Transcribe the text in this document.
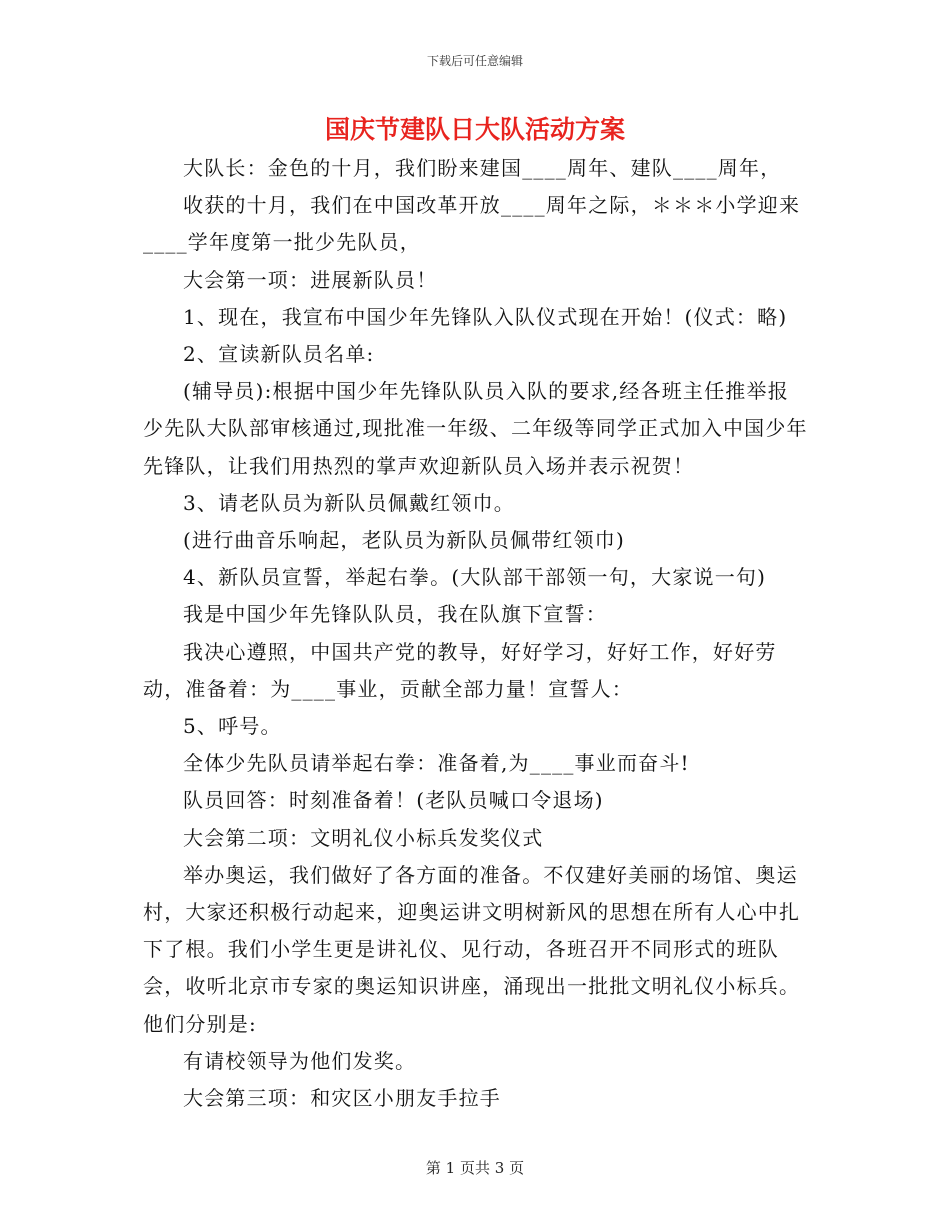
下载后可任意编辑
国庆节建队日大队活动方案

大队长：金色的十月，我们盼来建国____周年、建队____周年，

收获的十月，我们在中国改革开放____周年之际，＊＊＊小学迎来____学年度第一批少先队员，

大会第一项：进展新队员！

1、现在，我宣布中国少年先锋队入队仪式现在开始！(仪式：略)

2、宣读新队员名单:

(辅导员):根据中国少年先锋队队员入队的要求,经各班主任推举报少先队大队部审核通过,现批准一年级、二年级等同学正式加入中国少年先锋队，让我们用热烈的掌声欢迎新队员入场并表示祝贺！

3、请老队员为新队员佩戴红领巾。

(进行曲音乐响起，老队员为新队员佩带红领巾)

4、新队员宣誓，举起右拳。(大队部干部领一句，大家说一句)

我是中国少年先锋队队员，我在队旗下宣誓：

我决心遵照，中国共产党的教导，好好学习，好好工作，好好劳动，准备着：为____事业，贡献全部力量！宣誓人：

5、呼号。

全体少先队员请举起右拳：准备着,为____事业而奋斗!

队员回答：时刻准备着！(老队员喊口令退场)

大会第二项：文明礼仪小标兵发奖仪式

举办奥运，我们做好了各方面的准备。不仅建好美丽的场馆、奥运村，大家还积极行动起来，迎奥运讲文明树新风的思想在所有人心中扎下了根。我们小学生更是讲礼仪、见行动，各班召开不同形式的班队会，收听北京市专家的奥运知识讲座，涌现出一批批文明礼仪小标兵。他们分别是:

有请校领导为他们发奖。

大会第三项：和灾区小朋友手拉手

第 1 页共 3 页
